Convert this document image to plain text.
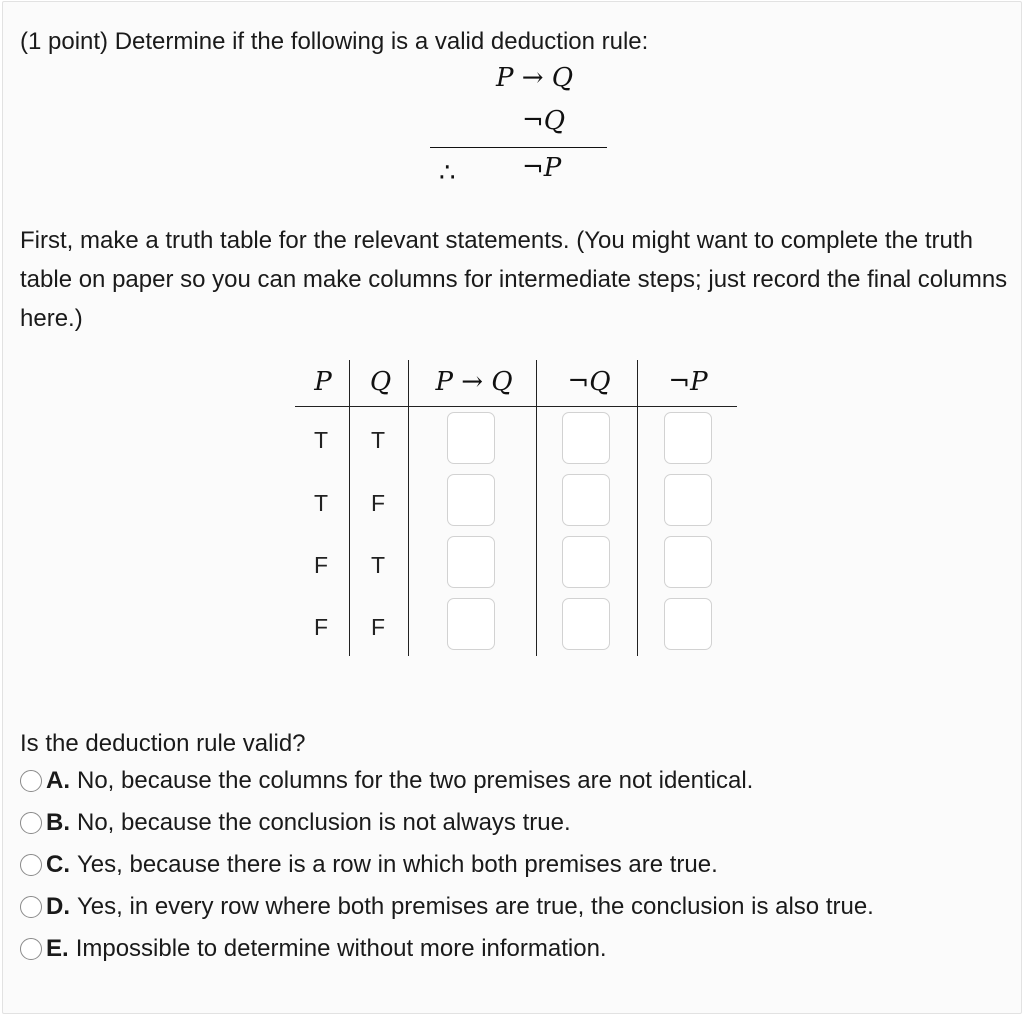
(1 point) Determine if the following is a valid deduction rule:
P → Q
¬Q
∴	¬P
First, make a truth table for the relevant statements. (You might want to complete the truth table on paper so you can make columns for intermediate steps; just record the final columns here.)
P	Q	P → Q	¬Q	¬P
T	T
T	F
F	T
F	F
Is the deduction rule valid?
A. No, because the columns for the two premises are not identical.
B. No, because the conclusion is not always true.
C. Yes, because there is a row in which both premises are true.
D. Yes, in every row where both premises are true, the conclusion is also true.
E. Impossible to determine without more information.
